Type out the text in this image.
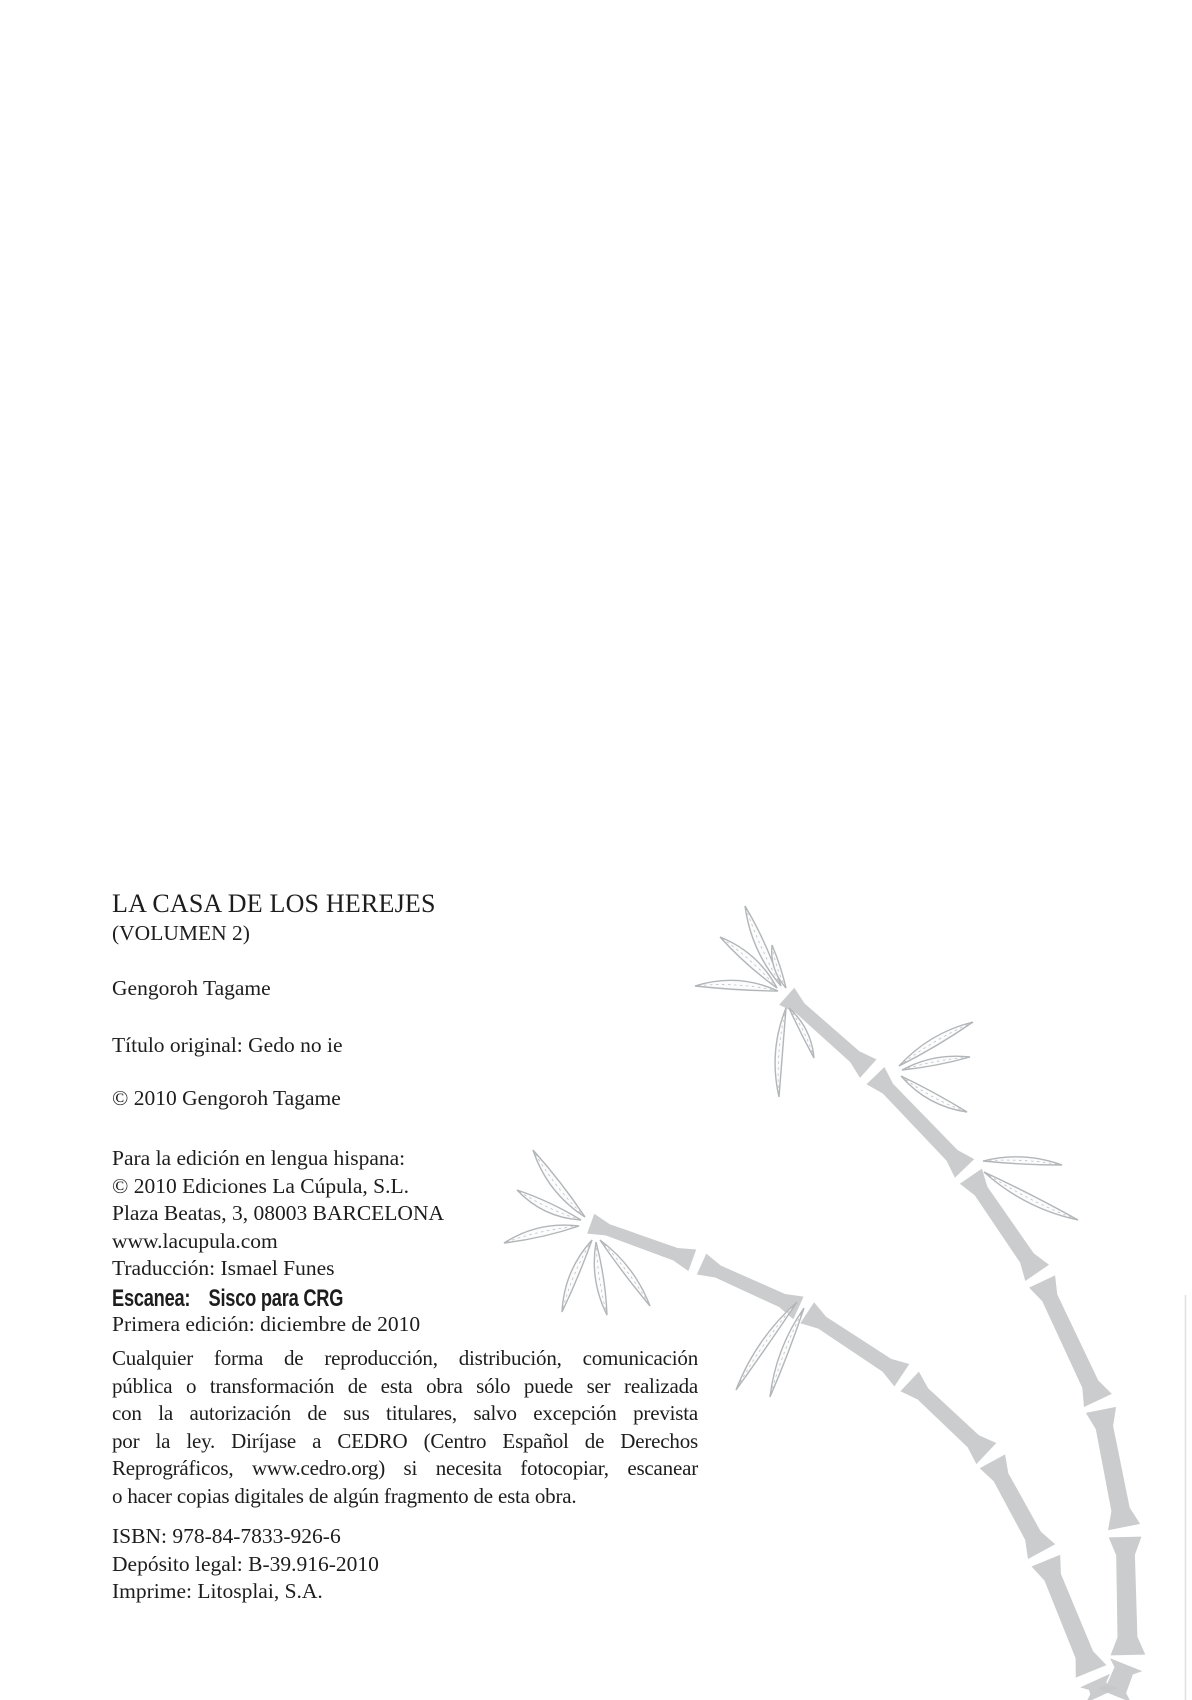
LA CASA DE LOS HEREJES
(VOLUMEN 2)
Gengoroh Tagame
Título original: Gedo no ie
© 2010 Gengoroh Tagame
Para la edición en lengua hispana:
© 2010 Ediciones La Cúpula, S.L.
Plaza Beatas, 3, 08003 BARCELONA
www.lacupula.com
Traducción: Ismael Funes
Escanea: Sisco para CRG
Primera edición: diciembre de 2010
Cualquier forma de reproducción, distribución, comunicación
pública o transformación de esta obra sólo puede ser realizada
con la autorización de sus titulares, salvo excepción prevista
por la ley. Diríjase a CEDRO (Centro Español de Derechos
Reprográficos, www.cedro.org) si necesita fotocopiar, escanear
o hacer copias digitales de algún fragmento de esta obra.
ISBN: 978-84-7833-926-6
Depósito legal: B-39.916-2010
Imprime: Litosplai, S.A.
